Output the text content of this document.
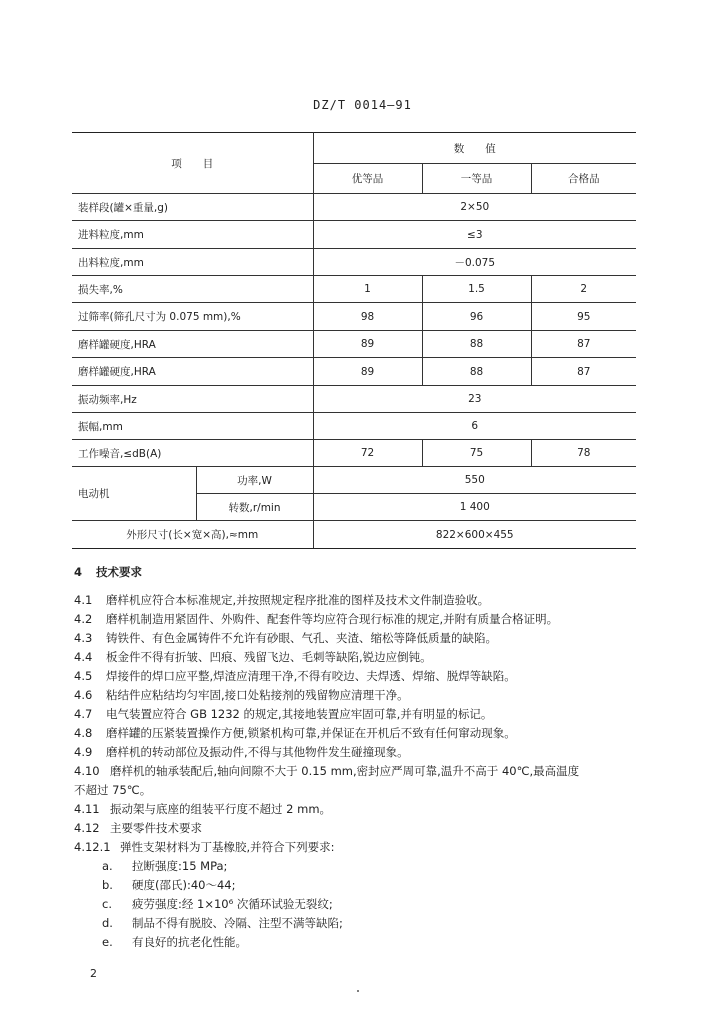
DZ/T 0014—91
项　　目		数　　值		
		优等品	一等品	合格品
装样段(罐×重量,g)		2×50		
进料粒度,mm		≤3		
出料粒度,mm		－0.075		
损失率,%		1	1.5	2
过筛率(筛孔尺寸为 0.075 mm),%		98	96	95
磨样罐硬度,HRA		89	88	87
磨样罐硬度,HRA		89	88	87
振动频率,Hz		23		
振幅,mm		6		
工作噪音,≤dB(A)		72	75	78
电动机	功率,W	550		
	转数,r/min	1 400		
外形尺寸(长×宽×高),≈mm		822×600×455		
4 技术要求
4.1 磨样机应符合本标准规定,并按照规定程序批准的图样及技术文件制造验收。
4.2 磨样机制造用紧固件、外购件、配套件等均应符合现行标准的规定,并附有质量合格证明。
4.3 铸铁件、有色金属铸件不允许有砂眼、气孔、夹渣、缩松等降低质量的缺陷。
4.4 板金件不得有折皱、凹痕、残留飞边、毛刺等缺陷,锐边应倒钝。
4.5 焊接件的焊口应平整,焊渣应清理干净,不得有咬边、夫焊透、焊缩、脱焊等缺陷。
4.6 粘结件应粘结均匀牢固,接口处粘接剂的残留物应清理干净。
4.7 电气装置应符合 GB 1232 的规定,其接地装置应牢固可靠,并有明显的标记。
4.8 磨样罐的压紧装置操作方便,锁紧机构可靠,并保证在开机后不致有任何窜动现象。
4.9 磨样机的转动部位及振动件,不得与其他物件发生碰撞现象。
4.10 磨样机的轴承装配后,轴向间隙不大于 0.15 mm,密封应严周可靠,温升不高于 40℃,最高温度
不超过 75℃。
4.11 振动架与底座的组装平行度不超过 2 mm。
4.12 主要零件技术要求
4.12.1 弹性支架材料为丁基橡胶,并符合下列要求:
a. 拉断强度:15 MPa;
b. 硬度(邵氏):40～44;
c. 疲劳强度:经 1×10⁶ 次循环试验无裂纹;
d. 制品不得有脱胶、冷隔、注型不满等缺陷;
e. 有良好的抗老化性能。
2
